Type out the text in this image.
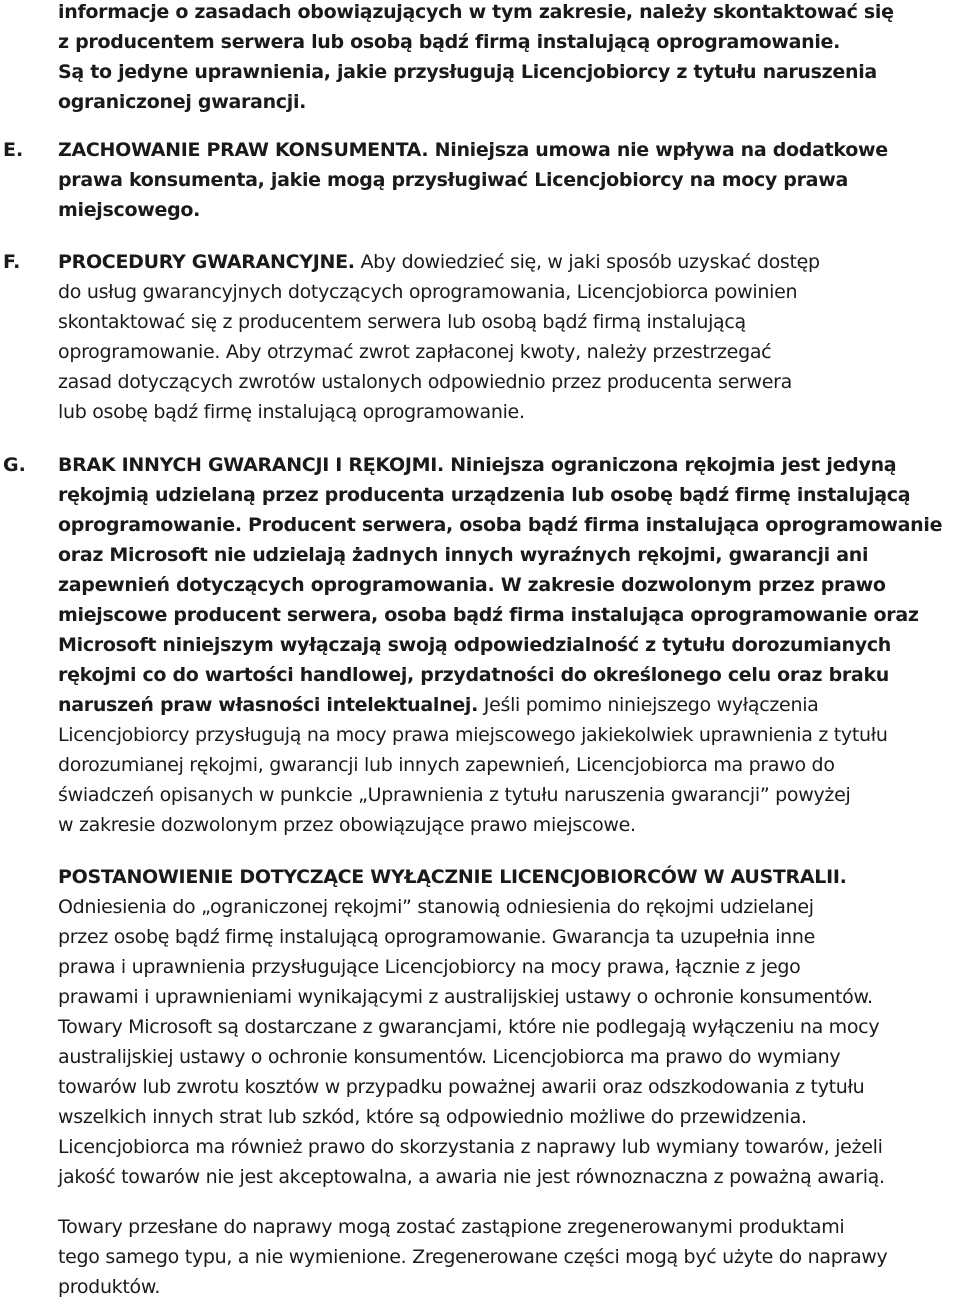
informacje o zasadach obowiązujących w tym zakresie, należy skontaktować się
z producentem serwera lub osobą bądź firmą instalującą oprogramowanie.
Są to jedyne uprawnienia, jakie przysługują Licencjobiorcy z tytułu naruszenia
ograniczonej gwarancji.
E. ZACHOWANIE PRAW KONSUMENTA. Niniejsza umowa nie wpływa na dodatkowe
prawa konsumenta, jakie mogą przysługiwać Licencjobiorcy na mocy prawa
miejscowego.
F. PROCEDURY GWARANCYJNE. Aby dowiedzieć się, w jaki sposób uzyskać dostęp
do usług gwarancyjnych dotyczących oprogramowania, Licencjobiorca powinien
skontaktować się z producentem serwera lub osobą bądź firmą instalującą
oprogramowanie. Aby otrzymać zwrot zapłaconej kwoty, należy przestrzegać
zasad dotyczących zwrotów ustalonych odpowiednio przez producenta serwera
lub osobę bądź firmę instalującą oprogramowanie.
G. BRAK INNYCH GWARANCJI I RĘKOJMI. Niniejsza ograniczona rękojmia jest jedyną
rękojmią udzielaną przez producenta urządzenia lub osobę bądź firmę instalującą
oprogramowanie. Producent serwera, osoba bądź firma instalująca oprogramowanie
oraz Microsoft nie udzielają żadnych innych wyraźnych rękojmi, gwarancji ani
zapewnień dotyczących oprogramowania. W zakresie dozwolonym przez prawo
miejscowe producent serwera, osoba bądź firma instalująca oprogramowanie oraz
Microsoft niniejszym wyłączają swoją odpowiedzialność z tytułu dorozumianych
rękojmi co do wartości handlowej, przydatności do określonego celu oraz braku
naruszeń praw własności intelektualnej. Jeśli pomimo niniejszego wyłączenia
Licencjobiorcy przysługują na mocy prawa miejscowego jakiekolwiek uprawnienia z tytułu
dorozumianej rękojmi, gwarancji lub innych zapewnień, Licencjobiorca ma prawo do
świadczeń opisanych w punkcie „Uprawnienia z tytułu naruszenia gwarancji” powyżej
w zakresie dozwolonym przez obowiązujące prawo miejscowe.
POSTANOWIENIE DOTYCZĄCE WYŁĄCZNIE LICENCJOBIORCÓW W AUSTRALII.
Odniesienia do „ograniczonej rękojmi” stanowią odniesienia do rękojmi udzielanej
przez osobę bądź firmę instalującą oprogramowanie. Gwarancja ta uzupełnia inne
prawa i uprawnienia przysługujące Licencjobiorcy na mocy prawa, łącznie z jego
prawami i uprawnieniami wynikającymi z australijskiej ustawy o ochronie konsumentów.
Towary Microsoft są dostarczane z gwarancjami, które nie podlegają wyłączeniu na mocy
australijskiej ustawy o ochronie konsumentów. Licencjobiorca ma prawo do wymiany
towarów lub zwrotu kosztów w przypadku poważnej awarii oraz odszkodowania z tytułu
wszelkich innych strat lub szkód, które są odpowiednio możliwe do przewidzenia.
Licencjobiorca ma również prawo do skorzystania z naprawy lub wymiany towarów, jeżeli
jakość towarów nie jest akceptowalna, a awaria nie jest równoznaczna z poważną awarią.
Towary przesłane do naprawy mogą zostać zastąpione zregenerowanymi produktami
tego samego typu, a nie wymienione. Zregenerowane części mogą być użyte do naprawy
produktów.
